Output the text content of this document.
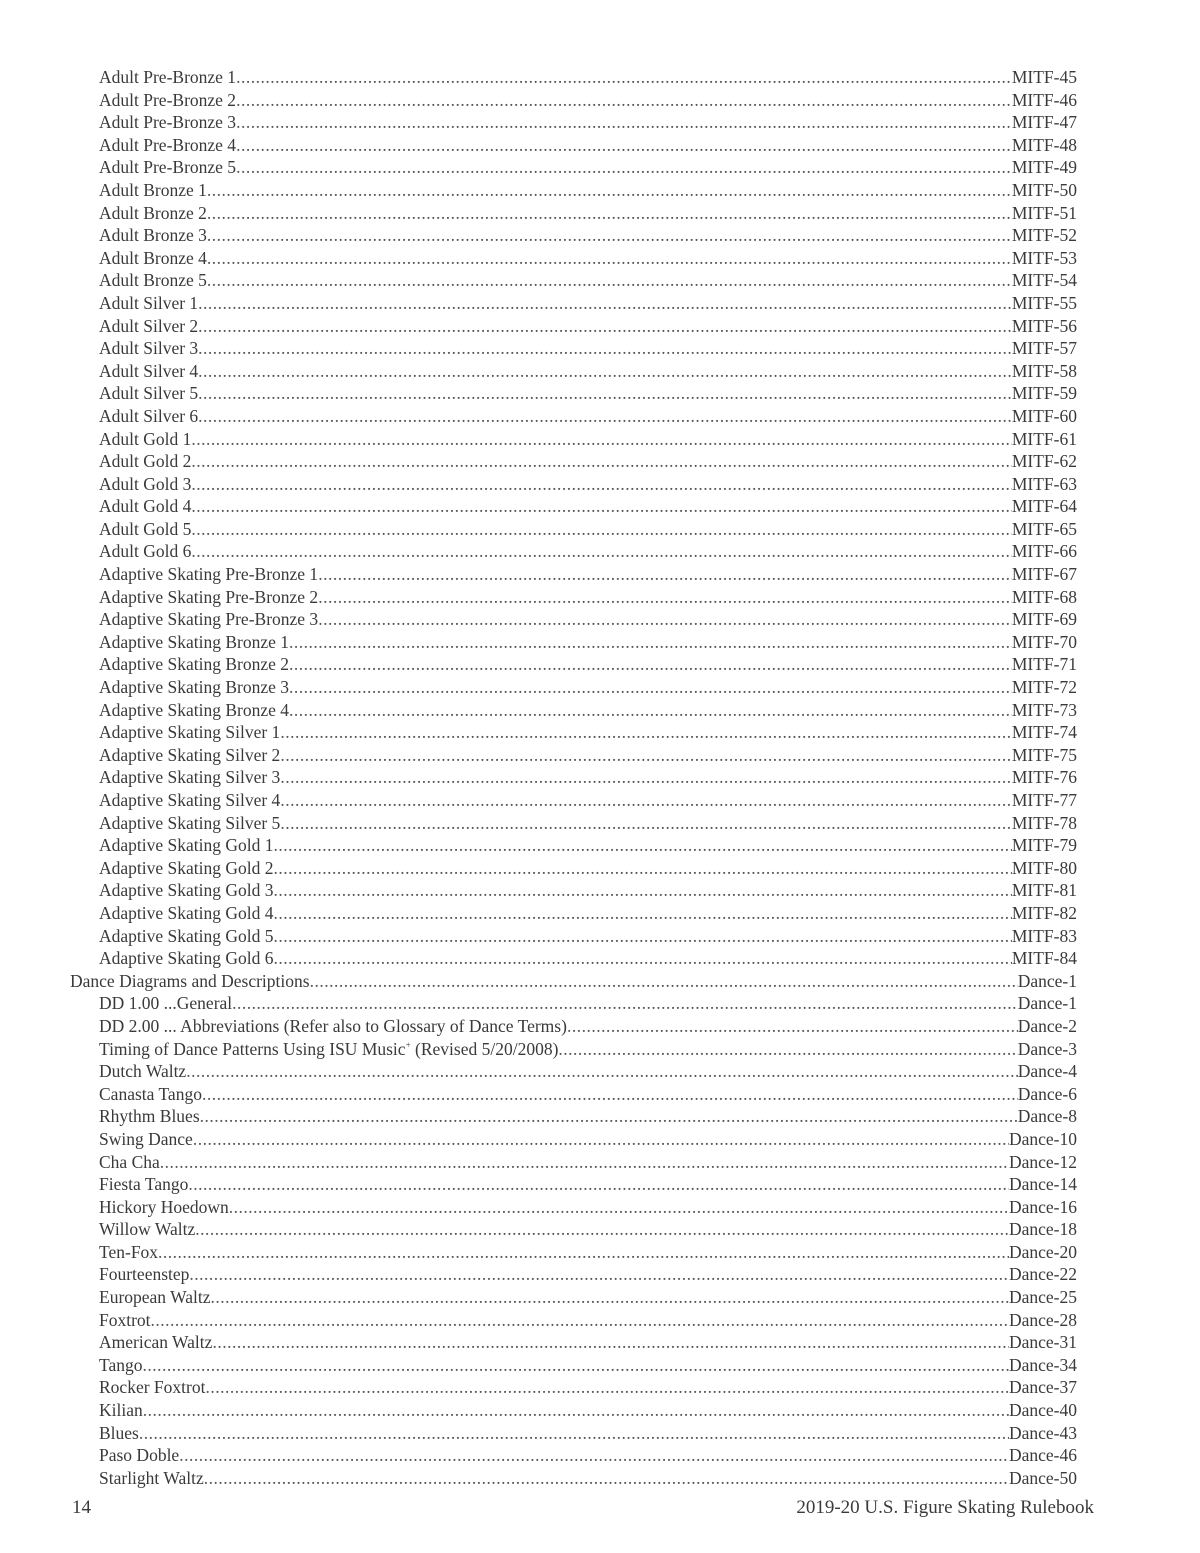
Adult Pre-Bronze 1 .....	MITF-45
Adult Pre-Bronze 2 .....	MITF-46
Adult Pre-Bronze 3 .....	MITF-47
Adult Pre-Bronze 4 .....	MITF-48
Adult Pre-Bronze 5 .....	MITF-49
Adult Bronze 1 .....	MITF-50
Adult Bronze 2 .....	MITF-51
Adult Bronze 3 .....	MITF-52
Adult Bronze 4 .....	MITF-53
Adult Bronze 5 .....	MITF-54
Adult Silver 1 .....	MITF-55
Adult Silver 2 .....	MITF-56
Adult Silver 3 .....	MITF-57
Adult Silver 4 .....	MITF-58
Adult Silver 5 .....	MITF-59
Adult Silver 6 .....	MITF-60
Adult Gold 1 .....	MITF-61
Adult Gold 2 .....	MITF-62
Adult Gold 3 .....	MITF-63
Adult Gold 4 .....	MITF-64
Adult Gold 5 .....	MITF-65
Adult Gold 6 .....	MITF-66
Adaptive Skating Pre-Bronze 1 .....	MITF-67
Adaptive Skating Pre-Bronze 2 .....	MITF-68
Adaptive Skating Pre-Bronze 3 .....	MITF-69
Adaptive Skating Bronze 1 .....	MITF-70
Adaptive Skating Bronze 2 .....	MITF-71
Adaptive Skating Bronze 3 .....	MITF-72
Adaptive Skating Bronze 4 .....	MITF-73
Adaptive Skating Silver 1 .....	MITF-74
Adaptive Skating Silver 2 .....	MITF-75
Adaptive Skating Silver 3 .....	MITF-76
Adaptive Skating Silver 4 .....	MITF-77
Adaptive Skating Silver 5 .....	MITF-78
Adaptive Skating Gold 1 .....	MITF-79
Adaptive Skating Gold 2 .....	MITF-80
Adaptive Skating Gold 3 .....	MITF-81
Adaptive Skating Gold 4 .....	MITF-82
Adaptive Skating Gold 5 .....	MITF-83
Adaptive Skating Gold 6 .....	MITF-84
Dance Diagrams and Descriptions .....	Dance-1
DD 1.00 ...General .....	Dance-1
DD 2.00 ... Abbreviations (Refer also to Glossary of Dance Terms) .....	Dance-2
Timing of Dance Patterns Using ISU Music+ (Revised 5/20/2008) .....	Dance-3
Dutch Waltz .....	Dance-4
Canasta Tango .....	Dance-6
Rhythm Blues .....	Dance-8
Swing Dance .....	Dance-10
Cha Cha .....	Dance-12
Fiesta Tango .....	Dance-14
Hickory Hoedown .....	Dance-16
Willow Waltz .....	Dance-18
Ten-Fox .....	Dance-20
Fourteenstep .....	Dance-22
European Waltz .....	Dance-25
Foxtrot .....	Dance-28
American Waltz .....	Dance-31
Tango .....	Dance-34
Rocker Foxtrot .....	Dance-37
Kilian .....	Dance-40
Blues .....	Dance-43
Paso Doble .....	Dance-46
Starlight Waltz .....	Dance-50
14	2019-20 U.S. Figure Skating Rulebook
